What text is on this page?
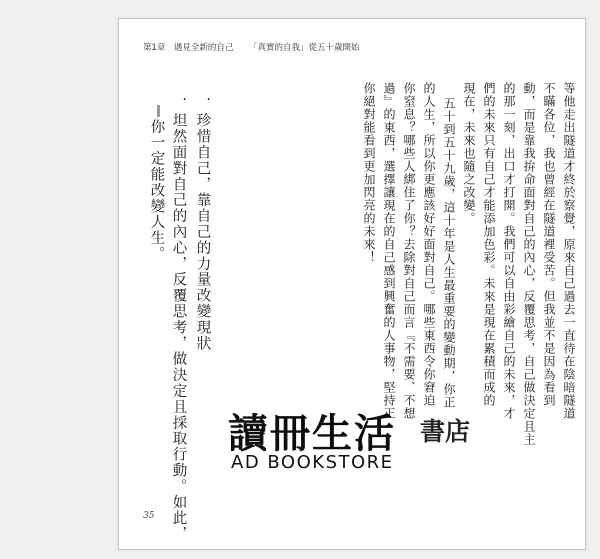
第1章　遇見全新的自己 「真實的自我」從五十歲開始
等他走出隧道才終於察覺，原來自己過去一直待在陰暗隧道
不瞞各位，我也曾經在隧道裡受苦。但我並不是因為看到
動，而是靠我拚命面對自己的內心，反覆思考，自己做決定且主
的那一刻，出口才打開。我們可以自由彩繪自己的未來，才
們的未來只有自己才能添加色彩。未來是現在累積而成的
現在，未來也隨之改變。
五十到五十九歲，這十年是人生最重要的變動期，你正
的人生，所以你更應該好好面對自己。哪些東西令你窘迫
你窒息？哪些人綁住了你？去除對自己而言『不需要、不想
過』的東西，選擇讓現在的自己感到興奮的人事物，堅持正
你絕對能看到更加閃亮的未來！
．珍惜自己，靠自己的力量改變現狀
．坦然面對自己的內心，反覆思考，做決定且採取行動。如此，
你一定能改變人生。
35
讀冊生活 書店
AD BOOKSTORE
